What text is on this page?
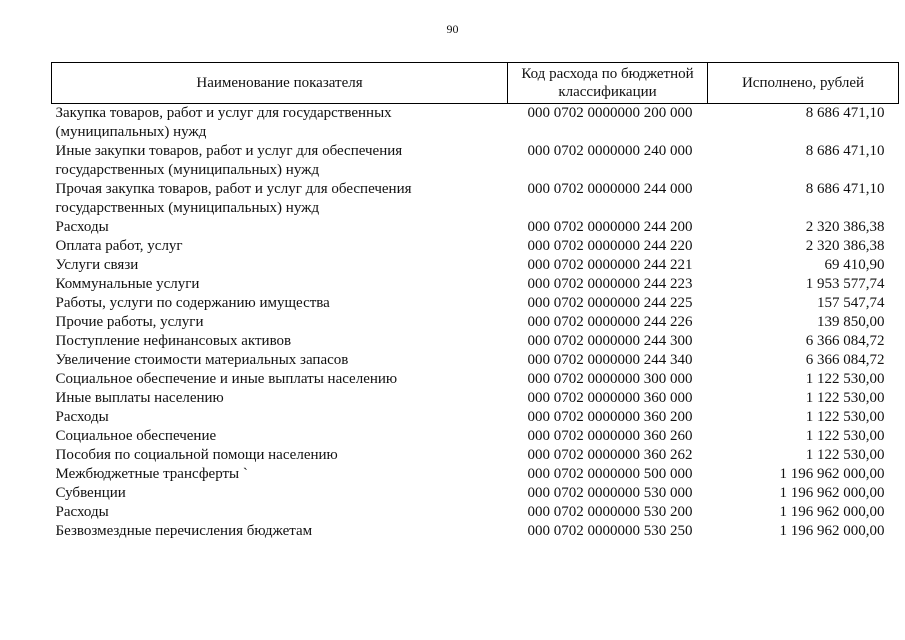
90
Наименование показателя	Код расхода по бюджетной классификации	Исполнено, рублей
Закупка товаров, работ и услуг для государственных (муниципальных) нужд	000 0702 0000000 200 000	8 686 471,10
Иные закупки товаров, работ и услуг для обеспечения государственных (муниципальных) нужд	000 0702 0000000 240 000	8 686 471,10
Прочая закупка товаров, работ и услуг для обеспечения государственных (муниципальных) нужд	000 0702 0000000 244 000	8 686 471,10
Расходы	000 0702 0000000 244 200	2 320 386,38
Оплата работ, услуг	000 0702 0000000 244 220	2 320 386,38
Услуги связи	000 0702 0000000 244 221	69 410,90
Коммунальные услуги	000 0702 0000000 244 223	1 953 577,74
Работы, услуги по содержанию имущества	000 0702 0000000 244 225	157 547,74
Прочие работы, услуги	000 0702 0000000 244 226	139 850,00
Поступление нефинансовых активов	000 0702 0000000 244 300	6 366 084,72
Увеличение стоимости материальных запасов	000 0702 0000000 244 340	6 366 084,72
Социальное обеспечение и иные выплаты населению	000 0702 0000000 300 000	1 122 530,00
Иные выплаты населению	000 0702 0000000 360 000	1 122 530,00
Расходы	000 0702 0000000 360 200	1 122 530,00
Социальное обеспечение	000 0702 0000000 360 260	1 122 530,00
Пособия по социальной помощи населению	000 0702 0000000 360 262	1 122 530,00
Межбюджетные трансферты `	000 0702 0000000 500 000	1 196 962 000,00
Субвенции	000 0702 0000000 530 000	1 196 962 000,00
Расходы	000 0702 0000000 530 200	1 196 962 000,00
Безвозмездные перечисления бюджетам	000 0702 0000000 530 250	1 196 962 000,00
